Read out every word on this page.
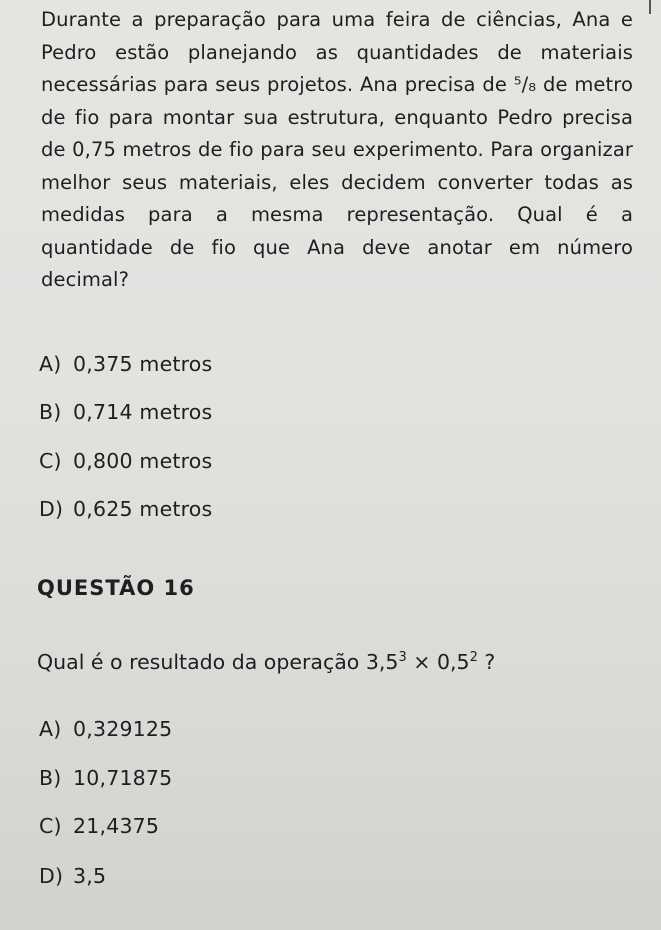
Durante a preparação para uma feira de ciências, Ana e Pedro estão planejando as quantidades de materiais necessárias para seus projetos. Ana precisa de ⁵/₈ de metro de fio para montar sua estrutura, enquanto Pedro precisa de 0,75 metros de fio para seu experimento. Para organizar melhor seus materiais, eles decidem converter todas as medidas para a mesma representação. Qual é a quantidade de fio que Ana deve anotar em número decimal?

A) 0,375 metros
B) 0,714 metros
C) 0,800 metros
D) 0,625 metros
QUESTÃO 16
Qual é o resultado da operação $3,5^3 \times 0,5^2$ ?
A) 0,329125
B) 10,71875
C) 21,4375
D) 3,5
